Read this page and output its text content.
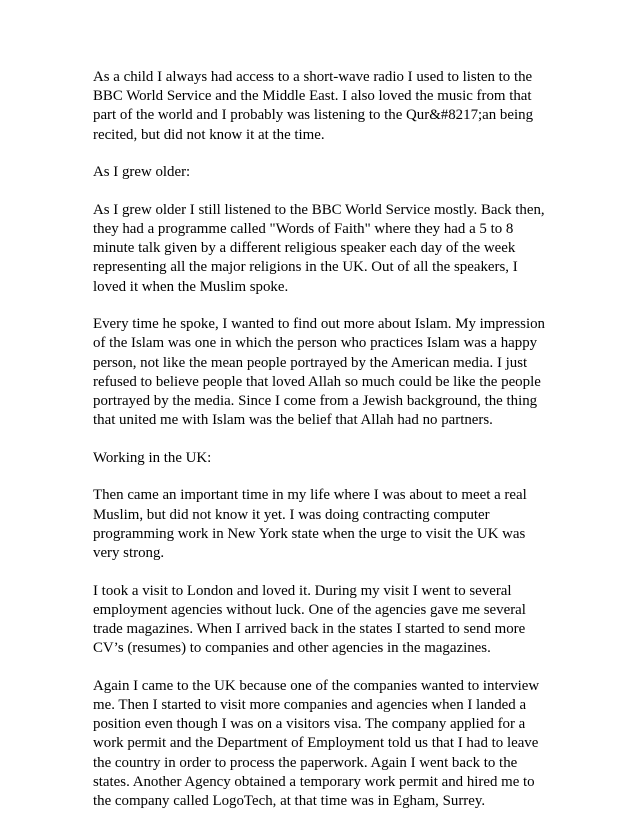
As a child I always had access to a short-wave radio I used to listen to the
BBC World Service and the Middle East. I also loved the music from that
part of the world and I probably was listening to the Qur&#8217;an being
recited, but did not know it at the time.

As I grew older:

As I grew older I still listened to the BBC World Service mostly. Back then,
they had a programme called "Words of Faith" where they had a 5 to 8
minute talk given by a different religious speaker each day of the week
representing all the major religions in the UK. Out of all the speakers, I
loved it when the Muslim spoke.

Every time he spoke, I wanted to find out more about Islam. My impression
of the Islam was one in which the person who practices Islam was a happy
person, not like the mean people portrayed by the American media. I just
refused to believe people that loved Allah so much could be like the people
portrayed by the media. Since I come from a Jewish background, the thing
that united me with Islam was the belief that Allah had no partners.

Working in the UK:

Then came an important time in my life where I was about to meet a real
Muslim, but did not know it yet. I was doing contracting computer
programming work in New York state when the urge to visit the UK was
very strong.

I took a visit to London and loved it. During my visit I went to several
employment agencies without luck. One of the agencies gave me several
trade magazines. When I arrived back in the states I started to send more
CV’s (resumes) to companies and other agencies in the magazines.

Again I came to the UK because one of the companies wanted to interview
me. Then I started to visit more companies and agencies when I landed a
position even though I was on a visitors visa. The company applied for a
work permit and the Department of Employment told us that I had to leave
the country in order to process the paperwork. Again I went back to the
states. Another Agency obtained a temporary work permit and hired me to
the company called LogoTech, at that time was in Egham, Surrey.
